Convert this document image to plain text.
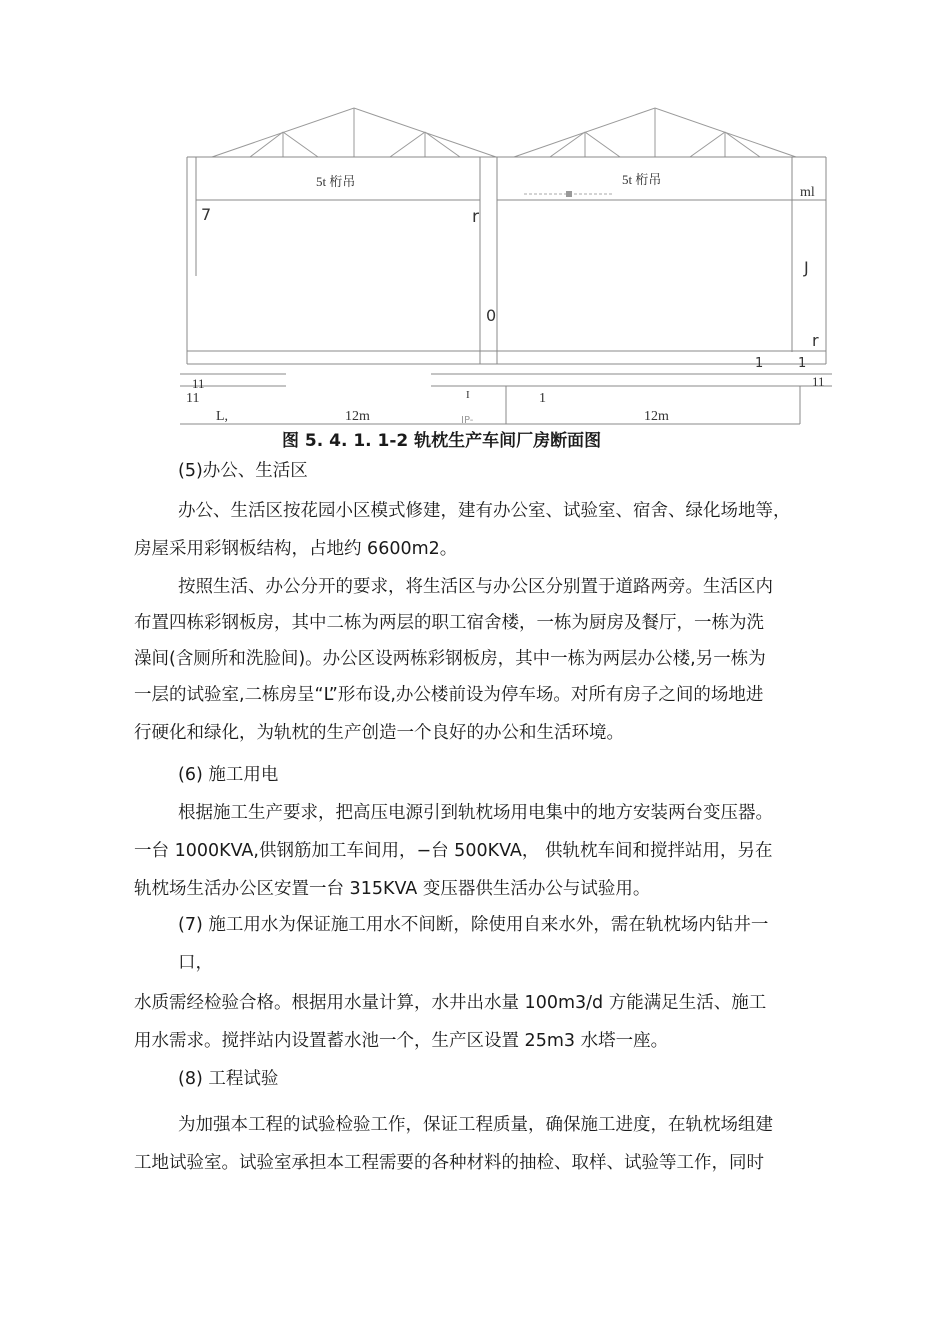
5t 桁吊	5t 桁吊
7	r
0
ml
J
r
1	1
11	11
11	I	1
L,	12m	IP-	12m
图 5. 4. 1. 1-2 轨枕生产车间厂房断面图

(5)办公、生活区

办公、生活区按花园小区模式修建，建有办公室、试验室、宿舍、绿化场地等，

房屋采用彩钢板结构，占地约 6600m2。

按照生活、办公分开的要求，将生活区与办公区分别置于道路两旁。生活区内

布置四栋彩钢板房，其中二栋为两层的职工宿舍楼，一栋为厨房及餐厅，一栋为洗

澡间(含厕所和洗脸间)。办公区设两栋彩钢板房，其中一栋为两层办公楼,另一栋为

一层的试验室,二栋房呈“L”形布设,办公楼前设为停车场。对所有房子之间的场地进

行硬化和绿化，为轨枕的生产创造一个良好的办公和生活环境。

(6) 施工用电

根据施工生产要求，把高压电源引到轨枕场用电集中的地方安装两台变压器。

一台 1000KVA,供钢筋加工车间用，−台 500KVA， 供轨枕车间和搅拌站用，另在

轨枕场生活办公区安置一台 315KVA 变压器供生活办公与试验用。

(7) 施工用水为保证施工用水不间断，除使用自来水外，需在轨枕场内钻井一

口，

水质需经检验合格。根据用水量计算，水井出水量 100m3/d 方能满足生活、施工

用水需求。搅拌站内设置蓄水池一个，生产区设置 25m3 水塔一座。

(8) 工程试验

为加强本工程的试验检验工作，保证工程质量，确保施工进度，在轨枕场组建

工地试验室。试验室承担本工程需要的各种材料的抽检、取样、试验等工作，同时
